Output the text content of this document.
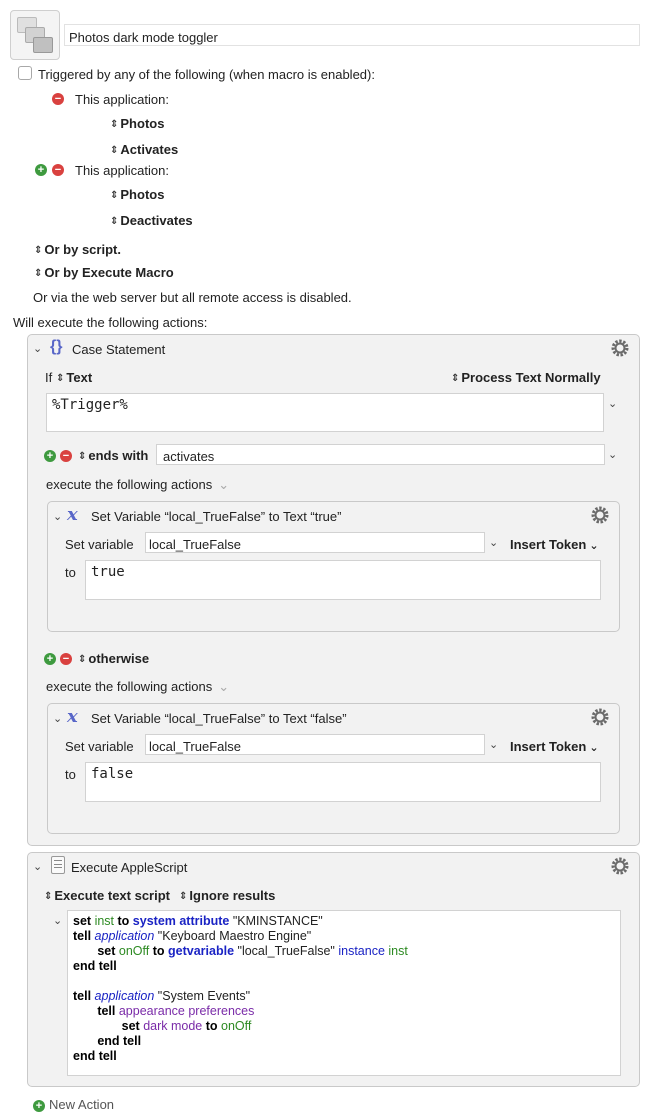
Photos dark mode toggler
Triggered by any of the following (when macro is enabled):
− This application:
⇕ Photos
⇕ Activates
+ − This application:
⇕ Photos
⇕ Deactivates
⇕ Or by script.
⇕ Or by Execute Macro
Or via the web server but all remote access is disabled.
Will execute the following actions:
⌄ {} Case Statement
If ⇕ Text	⇕ Process Text Normally
%Trigger%	⌄
+ − ⇕ ends with	activates	⌄
execute the following actions ⌄
⌄ x Set Variable “local_TrueFalse” to Text “true”
Set variable	local_TrueFalse	⌄ Insert Token ⌄
to	true
+ − ⇕ otherwise
execute the following actions ⌄
⌄ x Set Variable “local_TrueFalse” to Text “false”
Set variable	local_TrueFalse	⌄ Insert Token ⌄
to	false
⌄ Execute AppleScript
⇕ Execute text script ⇕ Ignore results
⌄ set inst to system attribute "KMINSTANCE"
tell application "Keyboard Maestro Engine"
set onOff to getvariable "local_TrueFalse" instance inst
end tell

tell application "System Events"
tell appearance preferences
set dark mode to onOff
end tell
end tell
+ New Action
